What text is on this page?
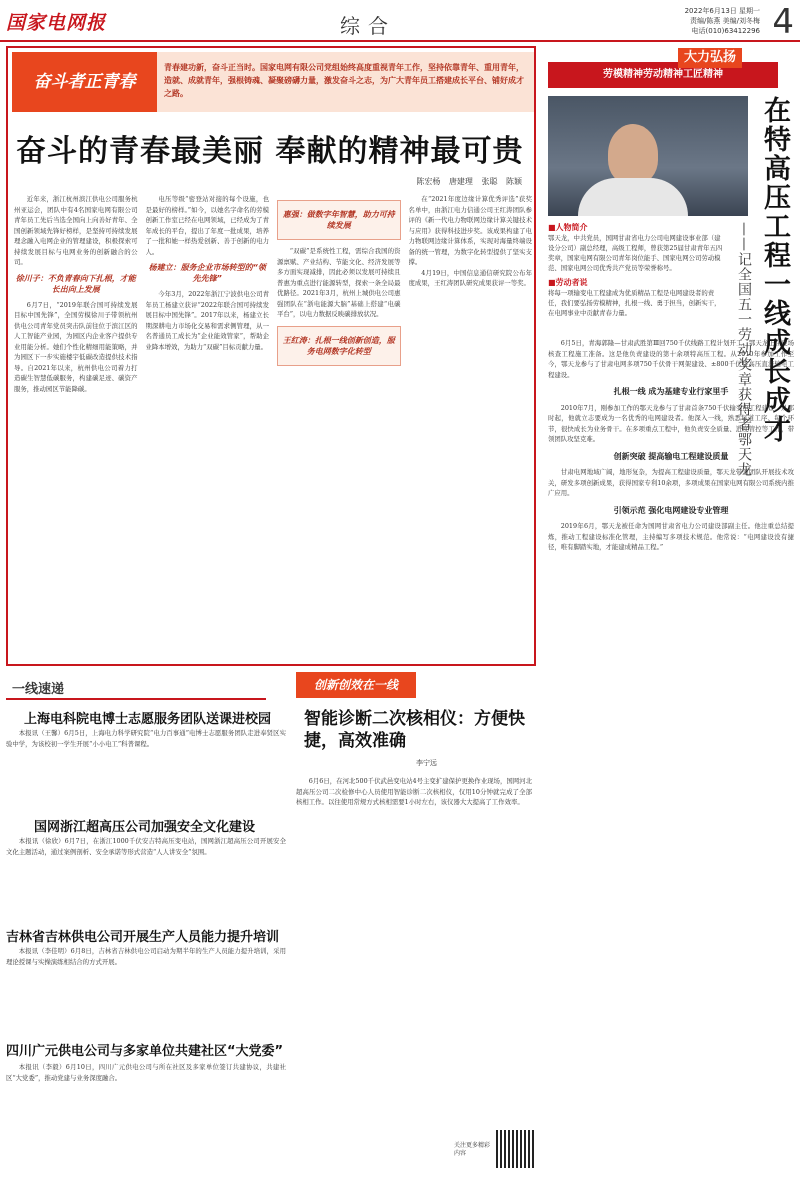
国家电网报	综合
2022年6月13日 星期一
责编/陈燕 美编/刘冬梅
电话(010)63412296 4
奋斗者正青春
青春建功新，奋斗正当时。国家电网有限公司党组始终高度重视青年工作，坚持依靠青年、重用青年，造就、成就青年，强根铸魂、凝聚磅礴力量，激发奋斗之志，为广大青年员工搭建成长平台、铺好成才之路。
奋斗的青春最美丽 奉献的精神最可贵
陈宏杨 唐建理 张聪 陈颖

近年来，浙江杭州滨江供电公司服务杭州亚运会，团队中有4名国家电网有限公司青年员工先后当选全国向上向善好青年、全国创新领域先锋好榜样，是坚持可持续发展理念融入电网企业的管理建设，积极探索可持续发展目标与电网业务的创新融合的公司。

徐川子：不负青春向下扎根，才能长出向上发展

6月7日，“2019年联合国可持续发展目标中国先锋”，全国劳模徐川子带领杭州供电公司青年党员突击队前往位于滨江区的人工智能产业园，为园区内企业客户提供专业用能分析。她们个性化精细用能策略，并为园区下一步实施楼宇低碳改造提供技术指导。自2021年以来，杭州供电公司着力打造碳生智慧低碳服务，构建碳足迹、碳资产服务，推动园区节能降碳。

电压等级“密登站对接的每个设施，也是最好的榜样。”如今，以她名字命名的劳模创新工作室已经在电网领域，已经成为了青年成长的平台，提出了年度一批成果，培养了一批和她一样热爱创新、善于创新的电力人。

杨建立：服务企业市场转型的“领先先锋”

今年3月，2022年浙江宁波供电公司青年员工杨建立获评“2022年联合国可持续发展目标中国先锋”。2017年以来，杨建立长期深耕电力市场化交易和需求侧管理，从一名普通员工成长为“企业能效管家”，帮助企业降本增效，为助力“双碳”目标贡献力量。

惠强：做数字年智慧，助力可持续发展

“双碳”是系统性工程，需综合我国的资源禀赋、产业结构、节能文化、经济发展等多方面实现减排，因此必须以发展可持续且普惠为重点进行能源转型，探索一条全局最优路径。2021年3月，杭州上城供电公司惠强团队在“浙电能源大脑”基础上搭建“电碳平台”，以电力数据反映碳排放状况。

王红涛：扎根一线创新创造，服务电网数字化转型

在“2021年度边缘计算优秀评选”获奖名单中，由浙江电力信通公司王红涛团队参评的《新一代电力物联网边缘计算关键技术与应用》获得科技进步奖。该成果构建了电力物联网边缘计算体系，实现对海量终端设备的统一管理，为数字化转型提供了坚实支撑。

4月19日，中国信息通信研究院公布年度成果，王红涛团队研究成果获评一等奖。

大力弘扬
劳模精神劳动精神工匠精神
在特高压工程一线成长成才
——记全国五一劳动奖章获得者鄂天龙
■人物简介
鄂天龙，中共党员，国网甘肃省电力公司电网建设事业部（建设分公司）副总经理，高级工程师，曾获第25届甘肃青年五四奖章，国家电网有限公司青年岗位能手、国家电网公司劳动模范、国家电网公司优秀共产党员等荣誉称号。
■劳动者说
将每一项输变电工程建成为优质精品工程是电网建设者的责任，我们要弘扬劳模精神，扎根一线、勇于担当，创新实干，在电网事业中贡献青春力量。

6月5日，青海郭隆—甘肃武胜第Ⅲ回750千伏线路工程计划开工，鄂天龙正在现场核查工程施工准备。这是他负责建设的第十余项特高压工程。从2010年参加工作至今，鄂天龙参与了甘肃电网多项750千伏骨干网架建设、±800千伏特高压直流输电工程建设。

扎根一线 成为基建专业行家里手

2010年7月，刚参加工作的鄂天龙参与了甘肃首条750千伏输变电工程建设，从那时起，他就立志要成为一名优秀的电网建设者。他深入一线，熟悉每道工序、每个环节，很快成长为业务骨干。在多项重点工程中，他负责安全质量、进度管控等工作，带领团队攻坚克难。

创新突破 提高输电工程建设质量

甘肃电网地域广阔，地形复杂，为提高工程建设质量，鄂天龙带领团队开展技术攻关，研发多项创新成果，获得国家专利10余项，多项成果在国家电网有限公司系统内推广应用。

引领示范 强化电网建设专业管理

2019年6月，鄂天龙被任命为国网甘肃省电力公司建设部副主任。他注重总结提炼，推动工程建设标准化管理，主持编写多项技术规范。他常说：“电网建设没有捷径，唯有脚踏实地，才能建成精品工程。”

一线速递
上海电科院电博士志愿服务团队送课进校园

本报讯（王馨）6月5日，上海电力科学研究院“电力百事通”电博士志愿服务团队走进奉贤区实验中学，为该校初一学生开展“小小电工”科普课程。

国网浙江超高压公司加强安全文化建设

本报讯（徐欣）6月7日，在浙江1000千伏安吉特高压变电站，国网浙江超高压公司开展安全文化主题活动，通过案例剖析、安全承诺等形式营造“人人讲安全”氛围。

吉林省吉林供电公司开展生产人员能力提升培训

本报讯（李佳明）6月8日，吉林省吉林供电公司启动为期半年的生产人员能力提升培训，采用理论授课与实操演练相结合的方式开展。

四川广元供电公司与多家单位共建社区“大党委”

本报讯（李毅）6月10日，四川广元供电公司与所在社区及多家单位签订共建协议，共建社区“大党委”，推动党建与业务深度融合。

创新创效在一线
智能诊断二次核相仪：方便快捷，高效准确
李宁远

6月6日，在河北500千伏武邑变电站4号主变扩建保护更换作业现场，国网河北超高压公司二次检修中心人员使用智能诊断二次核相仪，仅用10分钟就完成了全部核相工作。以往使用常规方式核相需要1小时左右，该仪器大大提高了工作效率。

关注更多精彩内容
